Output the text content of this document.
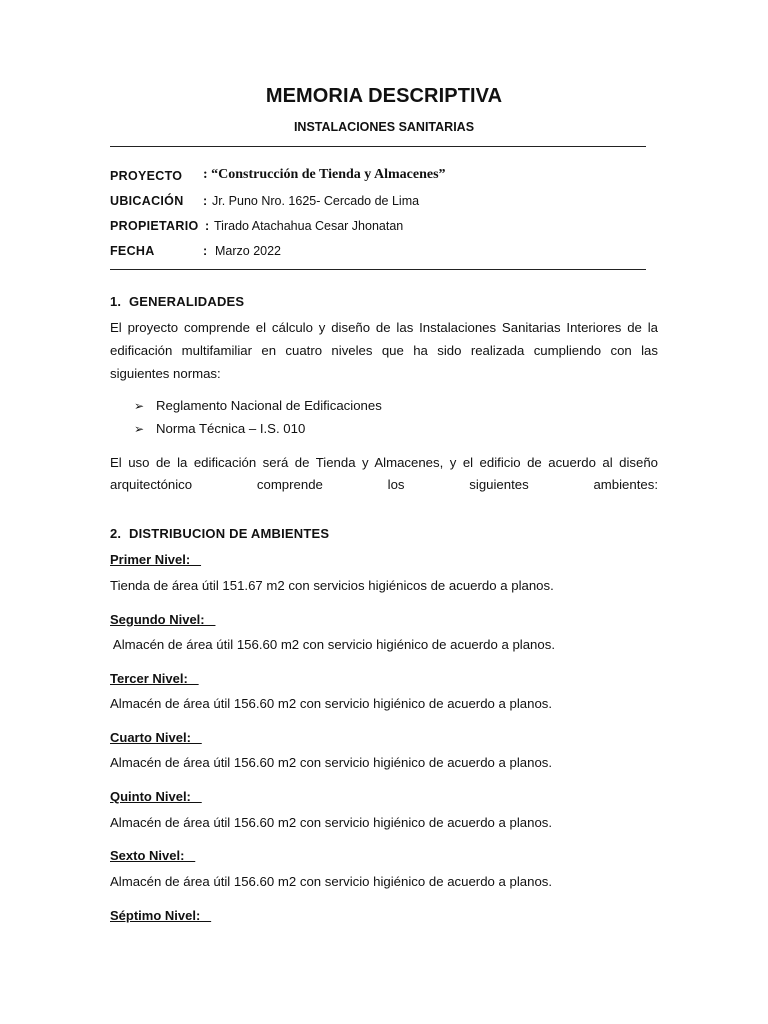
MEMORIA DESCRIPTIVA
INSTALACIONES SANITARIAS
PROYECTO : “Construcción de Tienda y Almacenes”
UBICACIÓN : Jr. Puno Nro. 1625- Cercado de Lima
PROPIETARIO : Tirado Atachahua Cesar Jhonatan
FECHA	: Marzo 2022
1. GENERALIDADES
El proyecto comprende el cálculo y diseño de las Instalaciones Sanitarias Interiores de la edificación multifamiliar en cuatro niveles que ha sido realizada cumpliendo con las siguientes normas:
➢ Reglamento Nacional de Edificaciones
➢ Norma Técnica – I.S. 010
El uso de la edificación será de Tienda y Almacenes, y el edificio de acuerdo al diseño
arquitectónico	comprende	los	siguientes	ambientes:
2. DISTRIBUCION DE AMBIENTES
Primer Nivel:
Tienda de área útil 151.67 m2 con servicios higiénicos de acuerdo a planos.
Segundo Nivel:
Almacén de área útil 156.60 m2 con servicio higiénico de acuerdo a planos.
Tercer Nivel:
Almacén de área útil 156.60 m2 con servicio higiénico de acuerdo a planos.
Cuarto Nivel:
Almacén de área útil 156.60 m2 con servicio higiénico de acuerdo a planos.
Quinto Nivel:
Almacén de área útil 156.60 m2 con servicio higiénico de acuerdo a planos.
Sexto Nivel:
Almacén de área útil 156.60 m2 con servicio higiénico de acuerdo a planos.
Séptimo Nivel:
